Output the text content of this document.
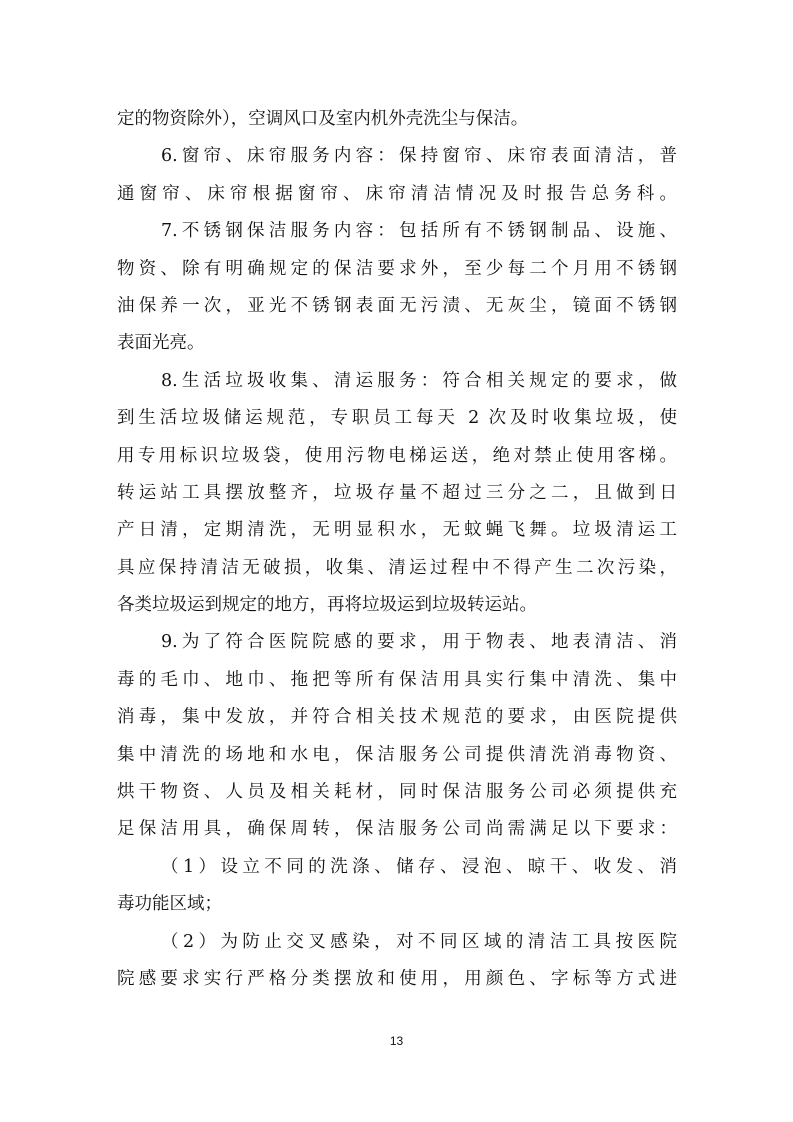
定的物资除外），空调风口及室内机外壳洗尘与保洁。
6.窗帘、床帘服务内容：保持窗帘、床帘表面清洁，普
通窗帘、床帘根据窗帘、床帘清洁情况及时报告总务科。
7.不锈钢保洁服务内容：包括所有不锈钢制品、设施、
物资、除有明确规定的保洁要求外，至少每二个月用不锈钢
油保养一次，亚光不锈钢表面无污渍、无灰尘，镜面不锈钢
表面光亮。
8.生活垃圾收集、清运服务：符合相关规定的要求，做
到生活垃圾储运规范，专职员工每天 2 次及时收集垃圾，使
用专用标识垃圾袋，使用污物电梯运送，绝对禁止使用客梯。
转运站工具摆放整齐，垃圾存量不超过三分之二，且做到日
产日清，定期清洗，无明显积水，无蚊蝇飞舞。垃圾清运工
具应保持清洁无破损，收集、清运过程中不得产生二次污染，
各类垃圾运到规定的地方，再将垃圾运到垃圾转运站。
9.为了符合医院院感的要求，用于物表、地表清洁、消
毒的毛巾、地巾、拖把等所有保洁用具实行集中清洗、集中
消毒，集中发放，并符合相关技术规范的要求，由医院提供
集中清洗的场地和水电，保洁服务公司提供清洗消毒物资、
烘干物资、人员及相关耗材，同时保洁服务公司必须提供充
足保洁用具，确保周转，保洁服务公司尚需满足以下要求：
（1）设立不同的洗涤、储存、浸泡、晾干、收发、消
毒功能区域；
（2）为防止交叉感染，对不同区域的清洁工具按医院
院感要求实行严格分类摆放和使用，用颜色、字标等方式进
13
